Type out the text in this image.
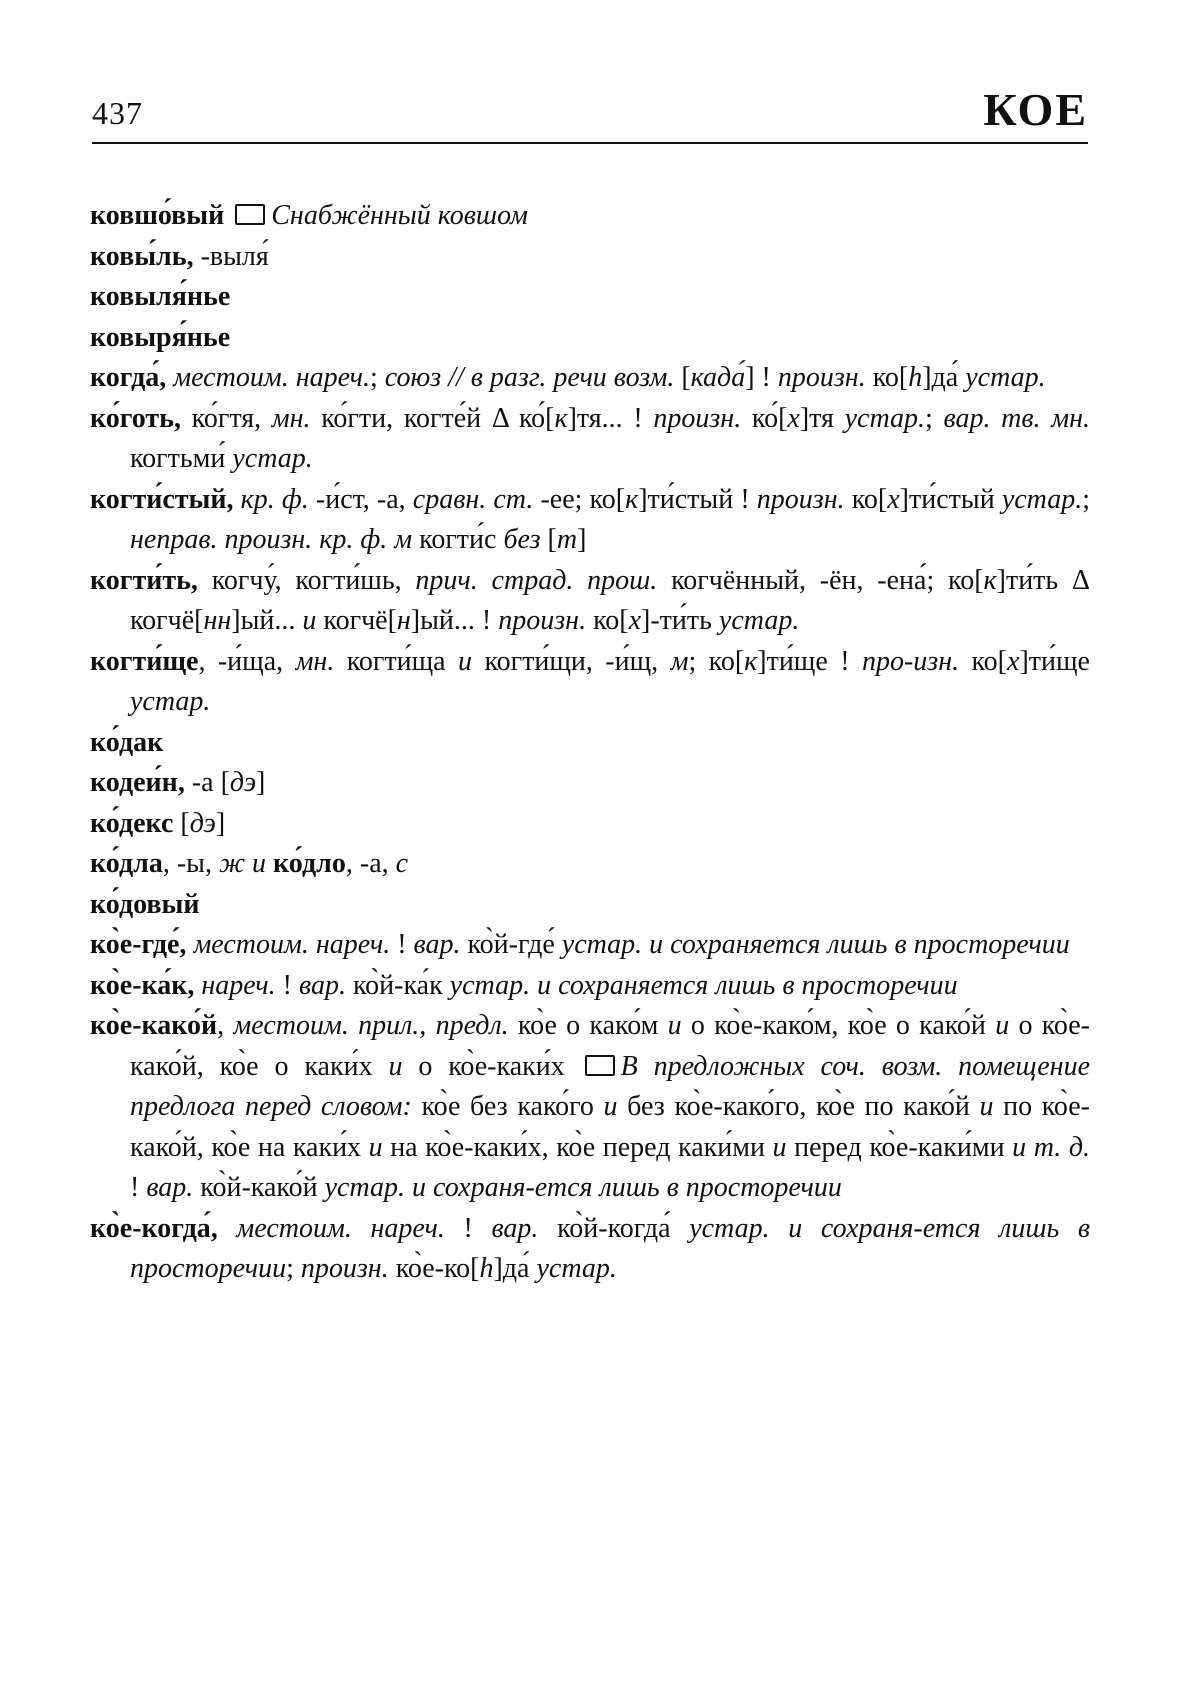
437	КОЕ

ковшо́вый Снабжённый ковшом

ковы́ль, -выля́

ковыля́нье

ковыря́нье

когда́, местоим. нареч.; союз // в разг. речи возм. [када́] ! произн. ко[h]да́ устар.

ко́готь, ко́гтя, мн. ко́гти, когте́й Δ ко́[к]тя... ! произн. ко́[х]тя устар.; вар. тв. мн. когтьми́ устар.

когти́стый, кр. ф. -и́ст, -а, сравн. ст. -ее; ко[к]ти́стый ! произн. ко[х]ти́стый устар.; неправ. произн. кр. ф. м когти́с без [т]

когти́ть, когчу́, когти́шь, прич. страд. прош. когчённый, -ён, -ена́; ко[к]ти́ть Δ когчё[нн]ый... и когчё[н]ый... ! произн. ко[х]-ти́ть устар.

когти́ще, -и́ща, мн. когти́ща и когти́щи, -и́щ, м; ко[к]ти́ще ! про-изн. ко[х]ти́ще устар.

ко́дак

кодеи́н, -а [дэ]

ко́декс [дэ]

ко́дла, -ы, ж и ко́дло, -а, с

ко́довый

ко̀е-где́, местоим. нареч. ! вар. ко̀й-где́ устар. и сохраняется лишь в просторечии

ко̀е-ка́к, нареч. ! вар. ко̀й-ка́к устар. и сохраняется лишь в просторечии

ко̀е-како́й, местоим. прил., предл. ко̀е о како́м и о ко̀е-како́м, ко̀е о како́й и о ко̀е-како́й, ко̀е о каки́х и о ко̀е-каки́х В предложных соч. возм. помещение предлога перед словом: ко̀е без како́го и без ко̀е-како́го, ко̀е по како́й и по ко̀е-како́й, ко̀е на каки́х и на ко̀е-каки́х, ко̀е перед каки́ми и перед ко̀е-каки́ми и т. д. ! вар. ко̀й-како́й устар. и сохраня-ется лишь в просторечии

ко̀е-когда́, местоим. нареч. ! вар. ко̀й-когда́ устар. и сохраня-ется лишь в просторечии; произн. ко̀е-ко[h]да́ устар.
